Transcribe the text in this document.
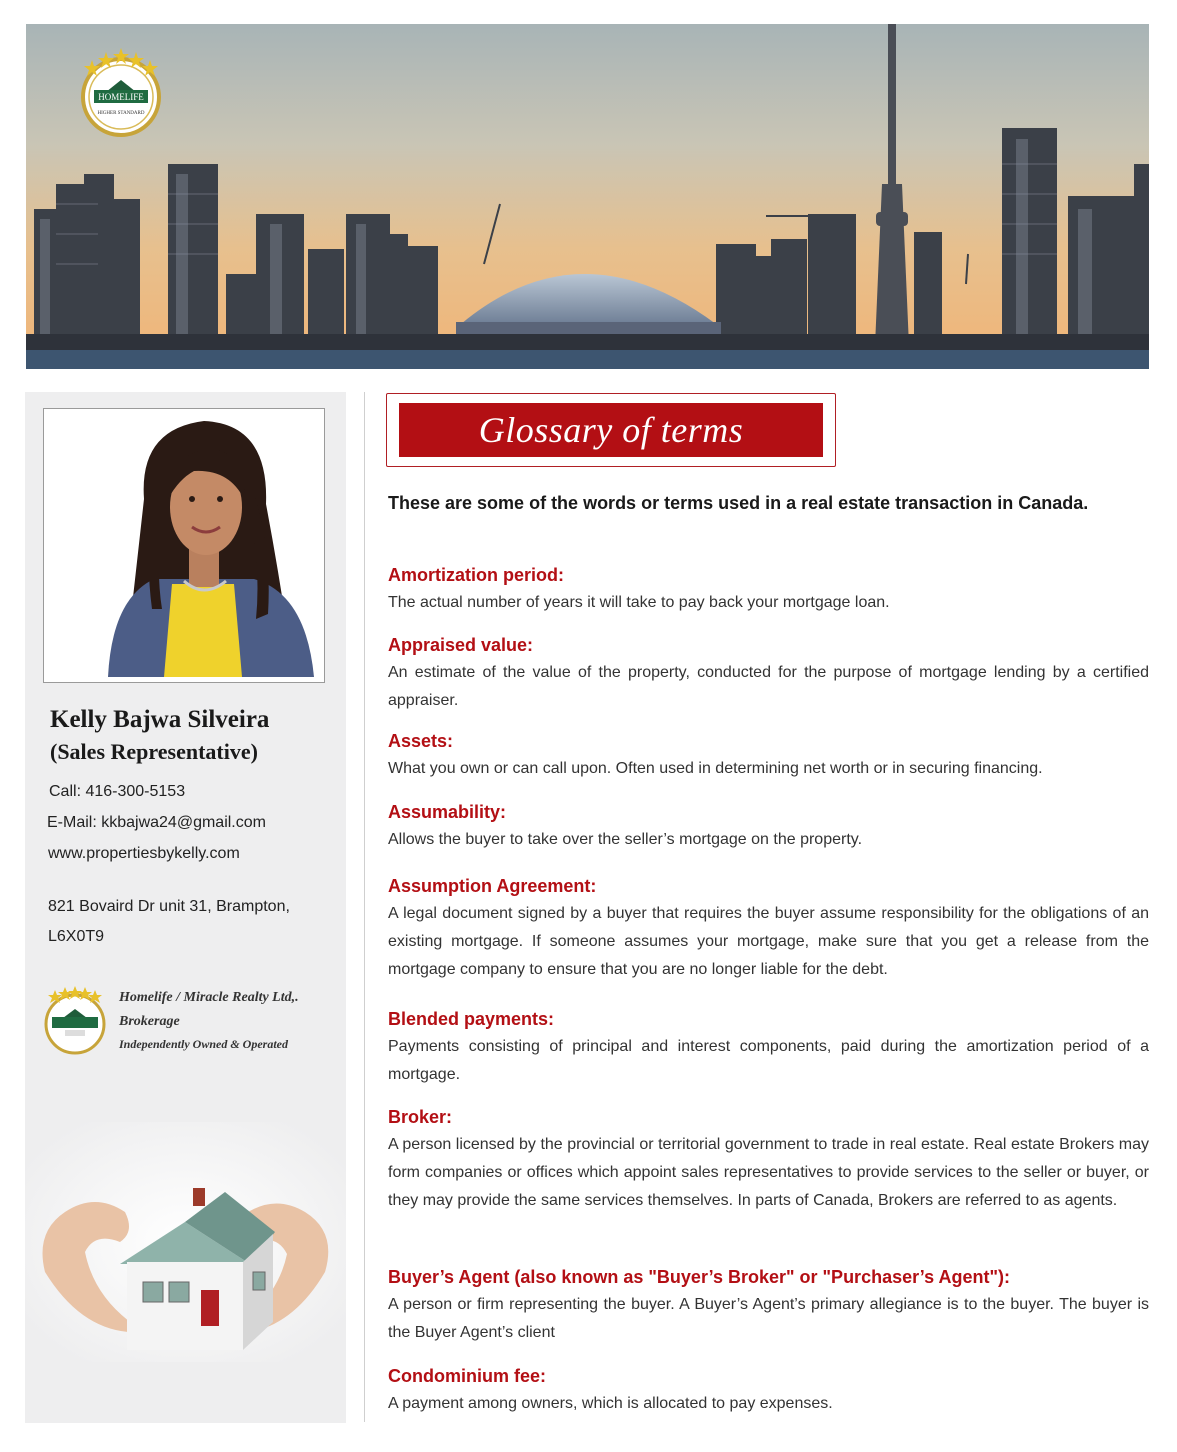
HOMELIFE
HIGHER STANDARD
Kelly Bajwa Silveira
(Sales Representative)
Call: 416-300-5153
E-Mail: kkbajwa24@gmail.com
www.propertiesbykelly.com
821 Bovaird Dr unit 31, Brampton,
L6X0T9
Homelife / Miracle Realty Ltd,.
Brokerage
Independently Owned & Operated
Glossary of terms

These are some of the words or terms used in a real estate transaction in Canada.

Amortization period:

The actual number of years it will take to pay back your mortgage loan.

Appraised value:

An estimate of the value of the property, conducted for the purpose of mortgage lending by a certified appraiser.

Assets:

What you own or can call upon. Often used in determining net worth or in securing financing.

Assumability:

Allows the buyer to take over the seller’s mortgage on the property.

Assumption Agreement:

A legal document signed by a buyer that requires the buyer assume responsibility for the obligations of an existing mortgage. If someone assumes your mortgage, make sure that you get a release from the mortgage company to ensure that you are no longer liable for the debt.

Blended payments:

Payments consisting of principal and interest components, paid during the amortization period of a mortgage.

Broker:

A person licensed by the provincial or territorial government to trade in real estate. Real estate Brokers may form companies or offices which appoint sales representatives to provide services to the seller or buyer, or they may provide the same services themselves. In parts of Canada, Brokers are referred to as agents.

Buyer’s Agent (also known as "Buyer’s Broker" or "Purchaser’s Agent"):

A person or firm representing the buyer. A Buyer’s Agent’s primary allegiance is to the buyer. The buyer is the Buyer Agent’s client

Condominium fee:

A payment among owners, which is allocated to pay expenses.
